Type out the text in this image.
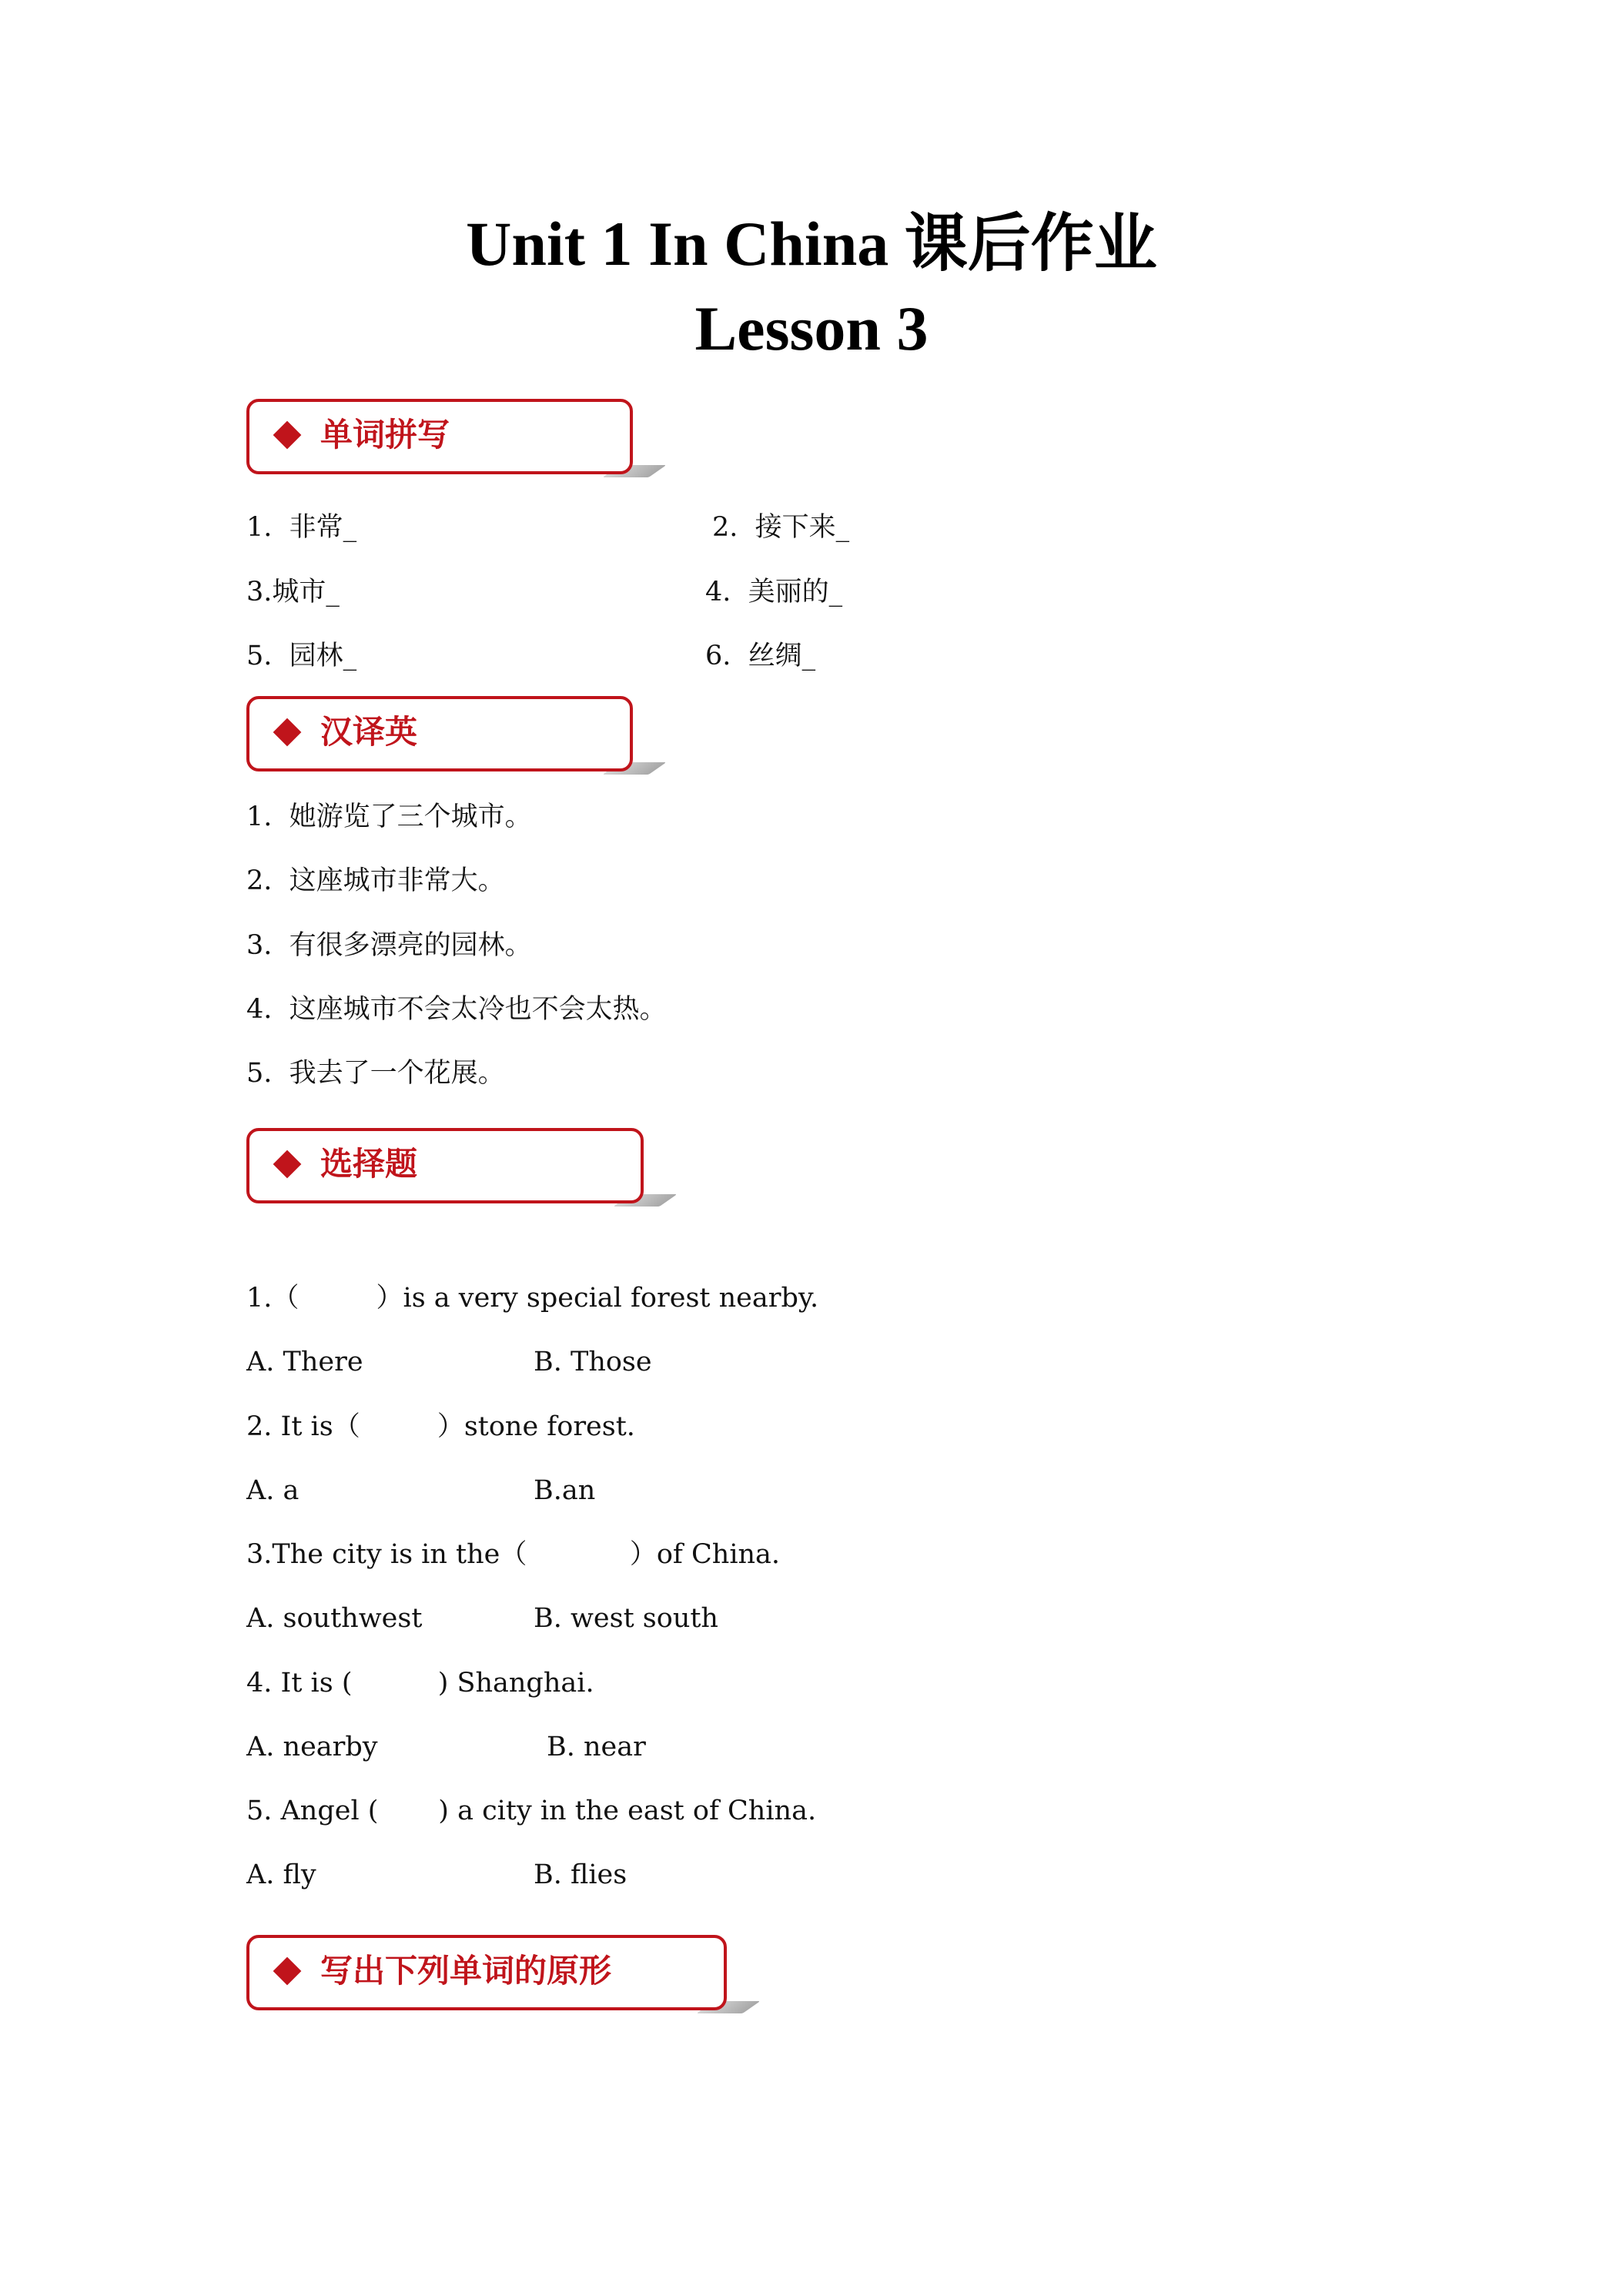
Unit 1 In China 课后作业
Lesson 3
单词拼写
1.  非常_	2.  接下来_
3.城市_	4.  美丽的_
5.  园林_	6.  丝绸_
汉译英
1.  她游览了三个城市。
2.  这座城市非常大。
3.  有很多漂亮的园林。
4.  这座城市不会太冷也不会太热。
5.  我去了一个花展。
选择题
1.（         ）is a very special forest nearby.
A. There	B. Those
2. It is（         ）stone forest.
A. a	B.an
3.The city is in the（            ）of China.
A. southwest	B. west south
4. It is (          ) Shanghai.
A. nearby	B. near
5. Angel (       ) a city in the east of China.
A. fly	B. flies
写出下列单词的原形
